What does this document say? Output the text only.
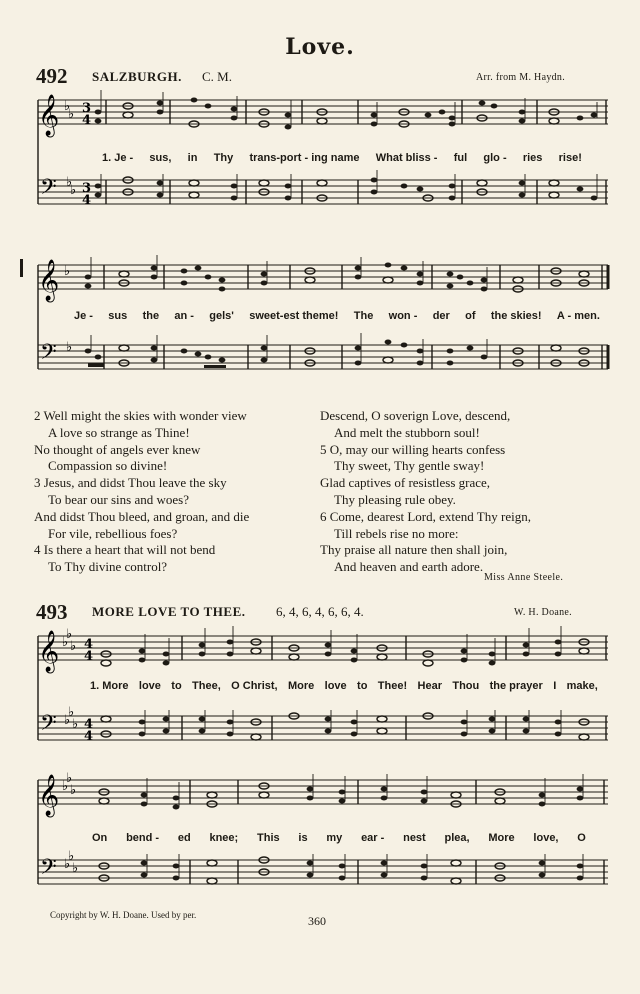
Love.
492 SALZBURGH. C. M.	Arr. from M. Haydn.
𝄞
𝄢
♭
♭
♭
♭
3
4
3
4
1. Je - sus, in Thy trans-port - ing name What bliss - ful glo - ries rise!
𝄞
𝄢
♭
♭
Je - sus the an - gels' sweet-est theme! The won - der of the skies! A - men.
2 Well might the skies with wonder view
A love so strange as Thine!
No thought of angels ever knew
Compassion so divine!
3 Jesus, and didst Thou leave the sky
To bear our sins and woes?
And didst Thou bleed, and groan, and die
For vile, rebellious foes?
4 Is there a heart that will not bend
To Thy divine control?
Descend, O soverign Love, descend,
And melt the stubborn soul!
5 O, may our willing hearts confess
Thy sweet, Thy gentle sway!
Glad captives of resistless grace,
Thy pleasing rule obey.
6 Come, dearest Lord, extend Thy reign,
Till rebels rise no more:
Thy praise all nature then shall join,
And heaven and earth adore.
Miss Anne Steele.
493 MORE LOVE TO THEE. 6, 4, 6, 4, 6, 6, 4.	W. H. Doane.
𝄞
𝄢
♭
♭
♭
♭
♭
♭
4
4
4
4
1. More love to Thee, O Christ, More love to Thee! Hear Thou the prayer I make,
𝄞
𝄢
♭
♭
♭
♭
♭
♭
On bend - ed knee; This is my ear - nest plea, More love, O
Copyright by W. H. Doane. Used by per.	360
